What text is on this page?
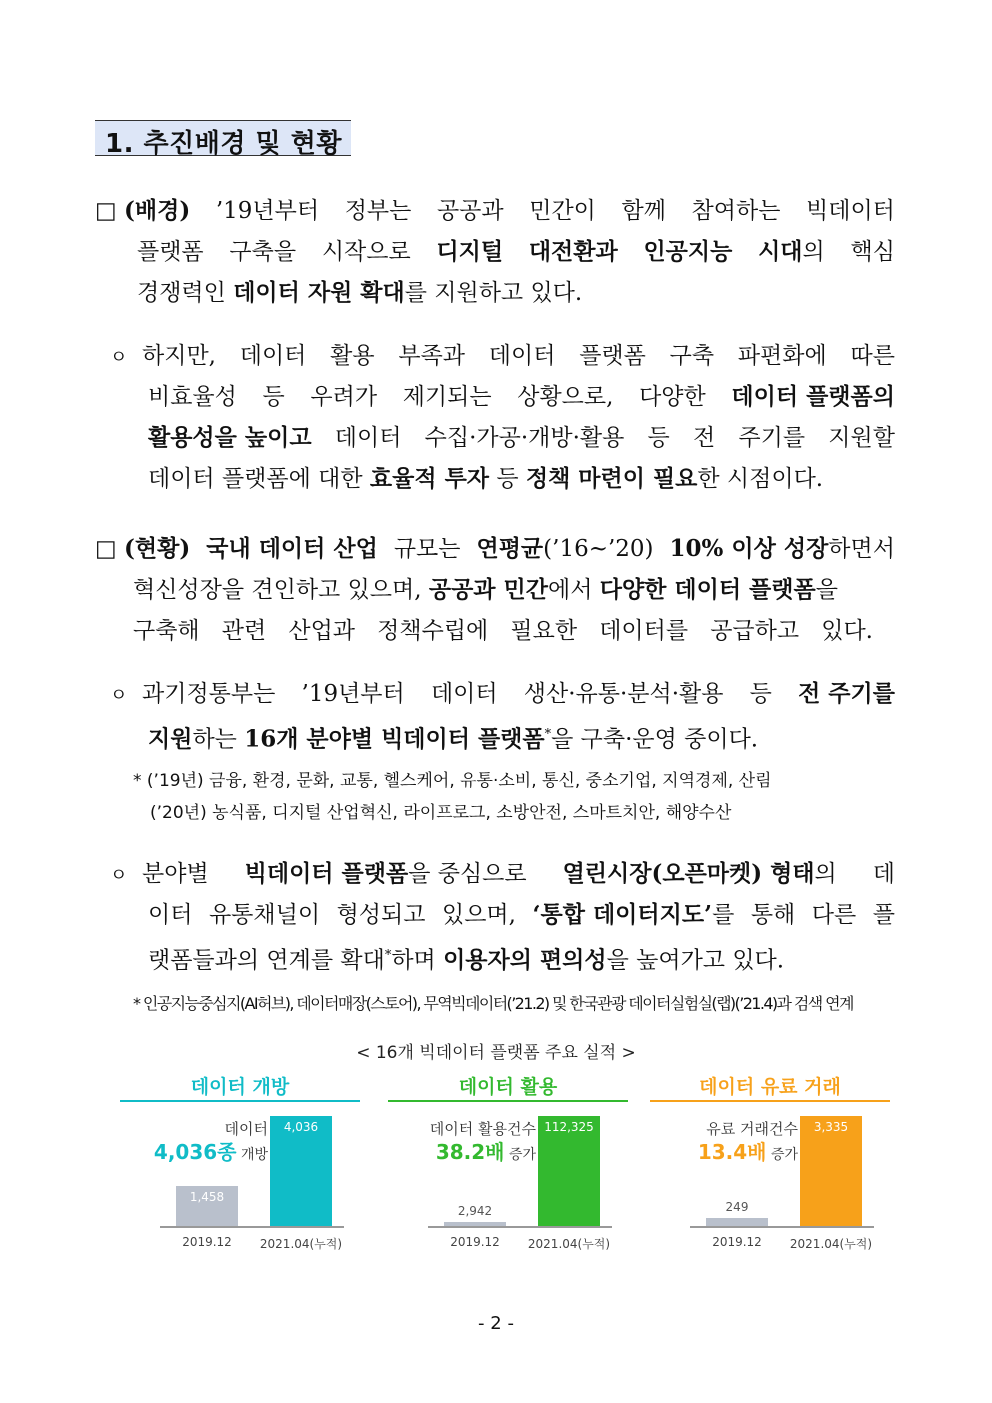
1. 추진배경 및 현황
□ (배경) ’19년부터 정부는 공공과 민간이 함께 참여하는 빅데이터
플랫폼 구축을 시작으로 디지털 대전환과 인공지능 시대의 핵심
경쟁력인 데이터 자원 확대를 지원하고 있다.
ㅇ 하지만, 데이터 활용 부족과 데이터 플랫폼 구축 파편화에 따른
비효율성 등 우려가 제기되는 상황으로, 다양한 데이터 플랫폼의
활용성을 높이고 데이터 수집·가공·개방·활용 등 전 주기를 지원할
데이터 플랫폼에 대한 효율적 투자 등 정책 마련이 필요한 시점이다.
□ (현황) 국내 데이터 산업 규모는 연평균(’16~’20) 10% 이상 성장하면서
혁신성장을 견인하고 있으며, 공공과 민간에서 다양한 데이터 플랫폼을
구축해 관련 산업과 정책수립에 필요한 데이터를 공급하고 있다.
ㅇ 과기정통부는 ’19년부터 데이터 생산·유통·분석·활용 등 전 주기를
지원하는 16개 분야별 빅데이터 플랫폼*을 구축·운영 중이다.
* (’19년) 금융, 환경, 문화, 교통, 헬스케어, 유통·소비, 통신, 중소기업, 지역경제, 산림
(’20년) 농식품, 디지털 산업혁신, 라이프로그, 소방안전, 스마트치안, 해양수산
ㅇ 분야별 빅데이터 플랫폼을 중심으로 열린시장(오픈마켓) 형태의 데
이터 유통채널이 형성되고 있으며, ‘통합 데이터지도’를 통해 다른 플
랫폼들과의 연계를 확대*하며 이용자의 편의성을 높여가고 있다.
* 인공지능중심지(AI허브), 데이터매장(스토어), 무역빅데이터(’21.2) 및 한국관광 데이터실험실(랩)(’21.4)과 검색 연계
< 16개 빅데이터 플랫폼 주요 실적 >
데이터 개방
데이터
4,036종 개방
1,458
2019.12
4,036
2021.04(누적)
데이터 활용
데이터 활용건수
38.2배 증가
2,942
2019.12
112,325
2021.04(누적)
데이터 유료 거래
유료 거래건수
13.4배 증가
249
2019.12
3,335
2021.04(누적)
- 2 -
